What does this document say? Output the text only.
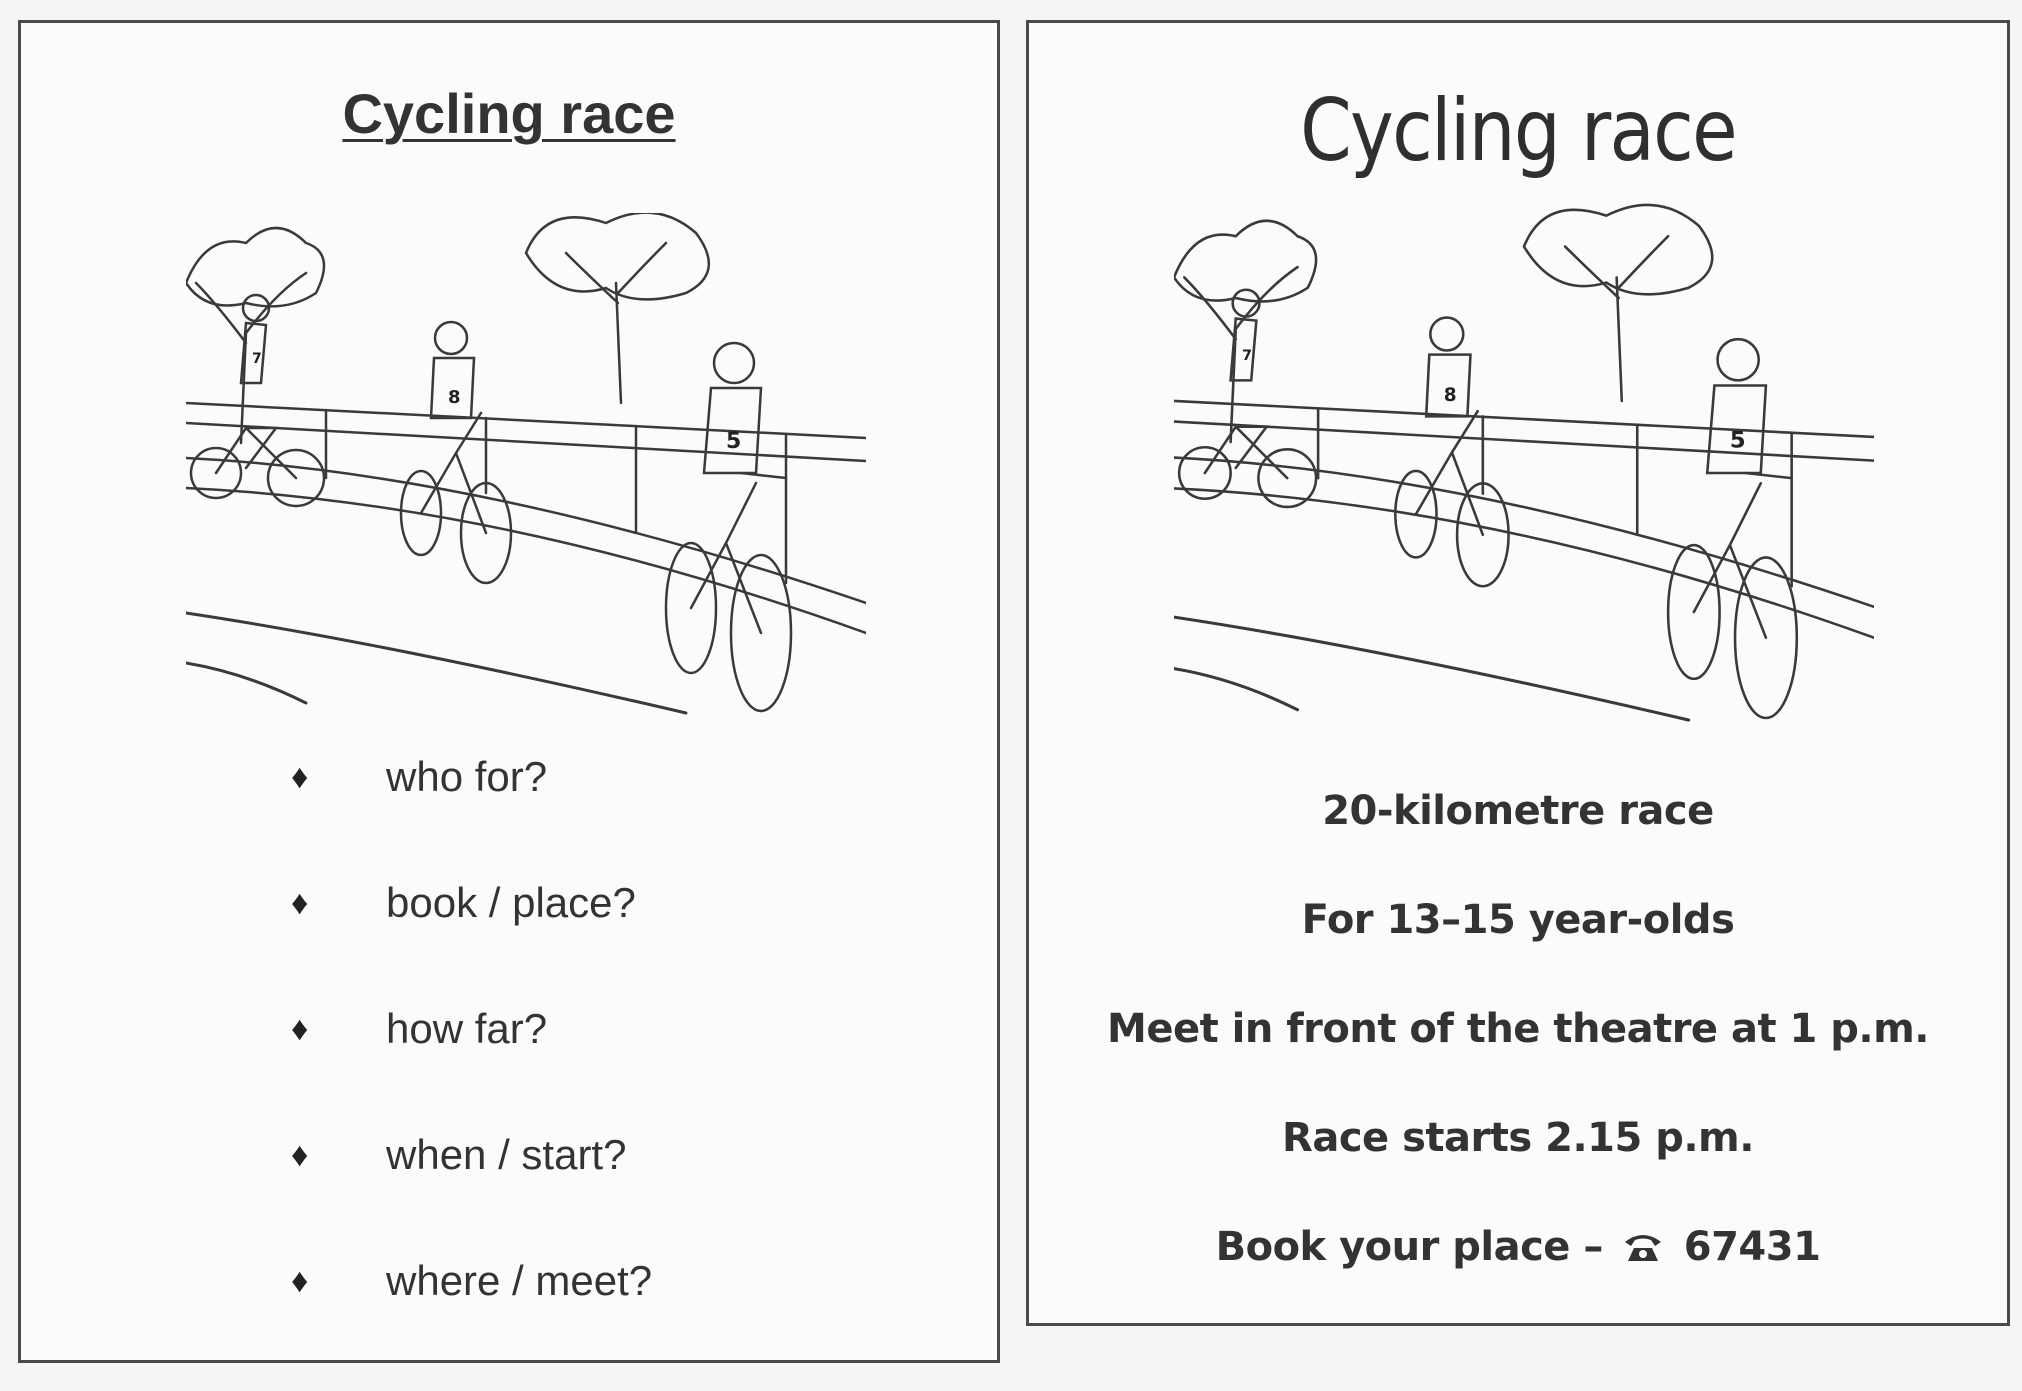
Cycling race
8
5
7
♦	who for?
♦	book / place?
♦	how far?
♦	when / start?
♦	where / meet?
Cycling race
8
5
7
20-kilometre race
For 13–15 year-olds
Meet in front of the theatre at 1 p.m.
Race starts 2.15 p.m.
Book your place – 67431
